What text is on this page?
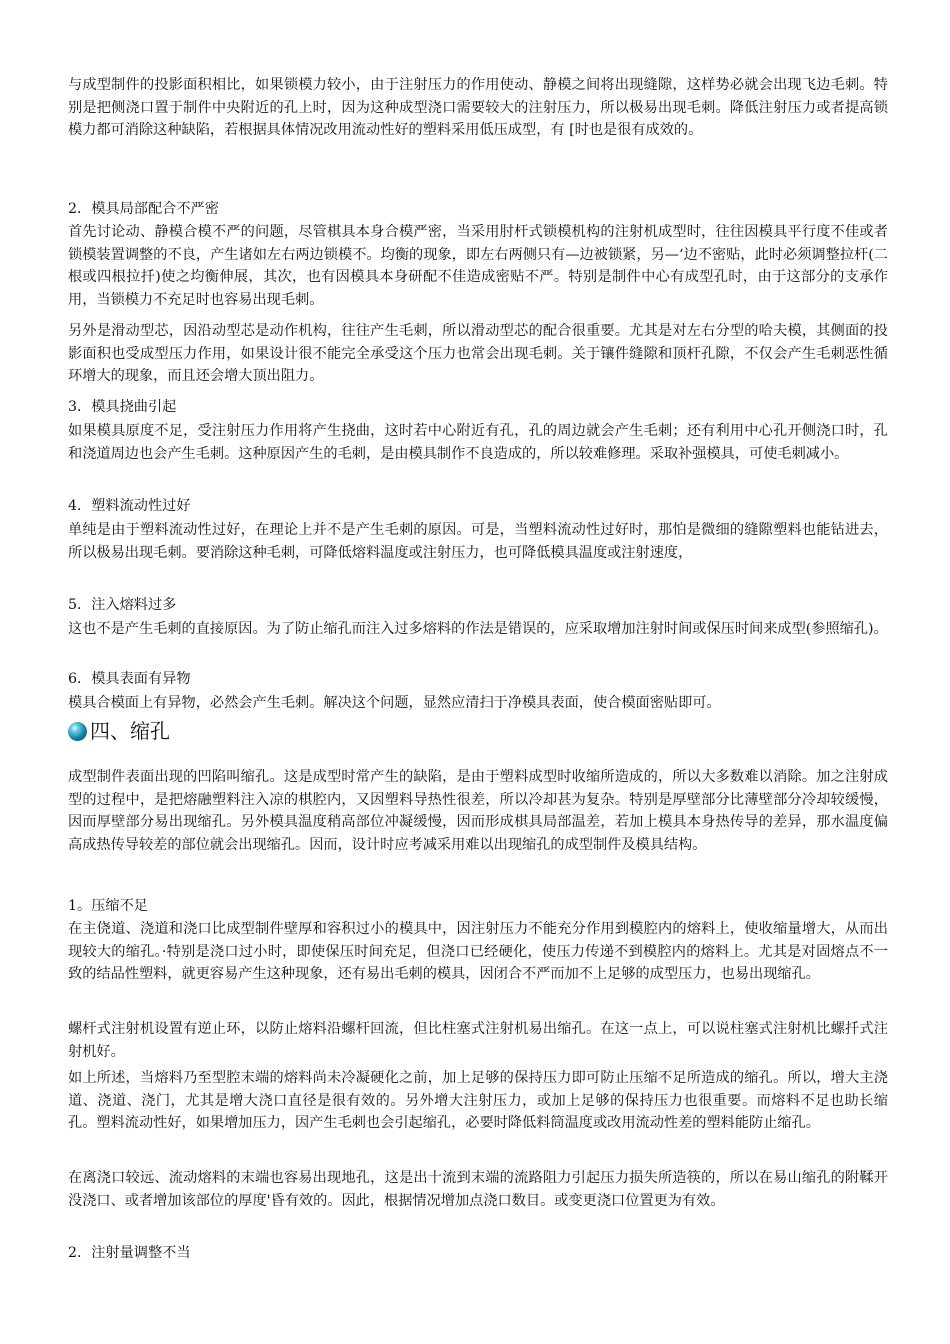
与成型制件的投影面积相比，如果锁模力较小，由于注射压力的作用使动、静模之间将出现缝隙，这样势必就会出现飞边毛刺。特别是把侧浇口置于制件中央附近的孔上时，因为这种成型浇口需要较大的注射压力，所以极易出现毛刺。降低注射压力或者提高锁模力都可消除这种缺陷，若根据具体情况改用流动性好的塑料采用低压成型，有 [时也是很有成效的。

2．模具局部配合不严密

首先讨论动、静模合模不严的问题，尽管棋具本身合模严密，当采用肘杆式锁模机构的注射机成型时，往往因模具平行度不佳或者锁模装置调整的不良，产生诸如左右两边锁模不。均衡的现象，即左右两侧只有—边被锁紧，另—‘边不密贴，此时必须调整拉杆(二根或四根拉扦)使之均衡伸展，其次，也有因模具本身研配不佳造成密贴不严。特别是制件中心有成型孔时，由于这部分的支承作用，当锁模力不充足时也容易出现毛刺。

另外是滑动型芯，因沿动型芯是动作机构，往往产生毛刺，所以滑动型芯的配合很重要。尤其是对左右分型的哈夫模，其侧面的投影面积也受成型压力作用，如果设计很不能完全承受这个压力也常会出现毛刺。关于镶件缝隙和顶杆孔隙，不仅会产生毛刺恶性循环增大的现象，而且还会增大顶出阻力。

3．模具挠曲引起

如果模具原度不足，受注射压力作用将产生挠曲，这时若中心附近有孔，孔的周边就会产生毛刺；还有利用中心孔开侧浇口时，孔和浇道周边也会产生毛刺。这种原因产生的毛刺，是由模具制作不良造成的，所以较难修理。采取补强模具，可使毛刺减小。

4．塑料流动性过好

单纯是由于塑料流动性过好，在理论上并不是产生毛刺的原因。可是，当塑料流动性过好时，那怕是微细的缝隙塑料也能钻进去，所以极易出现毛刺。要消除这种毛刺，可降低熔料温度或注射压力，也可降低模具温度或注射速度，

5．注入熔料过多

这也不是产生毛刺的直接原因。为了防止缩孔而注入过多熔料的作法是错误的，应采取增加注射时间或保压时间来成型(参照缩孔)。

6．模具表面有异物

模具合模面上有异物，必然会产生毛刺。解决这个问题，显然应清扫于净模具表面，使合模面密贴即可。

四、缩孔

成型制件表面出现的凹陷叫缩孔。这是成型时常产生的缺陷，是由于塑料成型时收缩所造成的，所以大多数难以消除。加之注射成型的过程中，是把熔融塑料注入凉的棋腔内，又因塑料导热性很差，所以冷却甚为复杂。特别是厚壁部分比薄壁部分冷却较缓慢，因而厚壁部分易出现缩孔。另外模具温度稍高部位冲凝缓慢，因而形成棋具局部温差，若加上模具本身热传导的差异，那水温度偏高成热传导较差的部位就会出现缩孔。因而，设计时应考减采用难以出现缩孔的成型制件及模具结构。

1。压缩不足

在主侥道、浇道和浇口比成型制件壁厚和容积过小的模具中，因注射压力不能充分作用到模腔内的熔料上，使收缩量增大，从而出现较大的缩孔。·特别是浇口过小时，即使保压时间充足，但浇口已经硬化，使压力传递不到模腔内的熔料上。尤其是对固熔点不一致的结品性塑料，就更容易产生这种现象，还有易出毛刺的模具，因闭合不严而加不上足够的成型压力，也易出现缩孔。

螺杆式注射机设置有逆止环，以防止熔料沿螺杆回流，但比柱塞式注射机易出缩孔。在这一点上，可以说柱塞式注射机比螺扦式注射机好。

如上所述，当熔料乃至型腔末端的熔料尚未冷凝硬化之前，加上足够的保持压力即可防止压缩不足所造成的缩孔。所以，增大主浇道、浇道、浇门，尤其是增大浇口直径是很有效的。另外增大注射压力，或加上足够的保持压力也很重要。而熔料不足也助长缩孔。塑料流动性好，如果增加压力，因产生毛刺也会引起缩孔，必要时降低料筒温度或改用流动性差的塑料能防止缩孔。

在离浇口较远、流动熔料的末端也容易出现地孔，这是出十流到末端的流路阻力引起压力损失所造筷的，所以在易山缩孔的附鞣开没浇口、或者增加该部位的厚度'昏有效的。因此，根据情况增加点浇口数目。或变更浇口位置更为有效。

2．注射量调整不当
